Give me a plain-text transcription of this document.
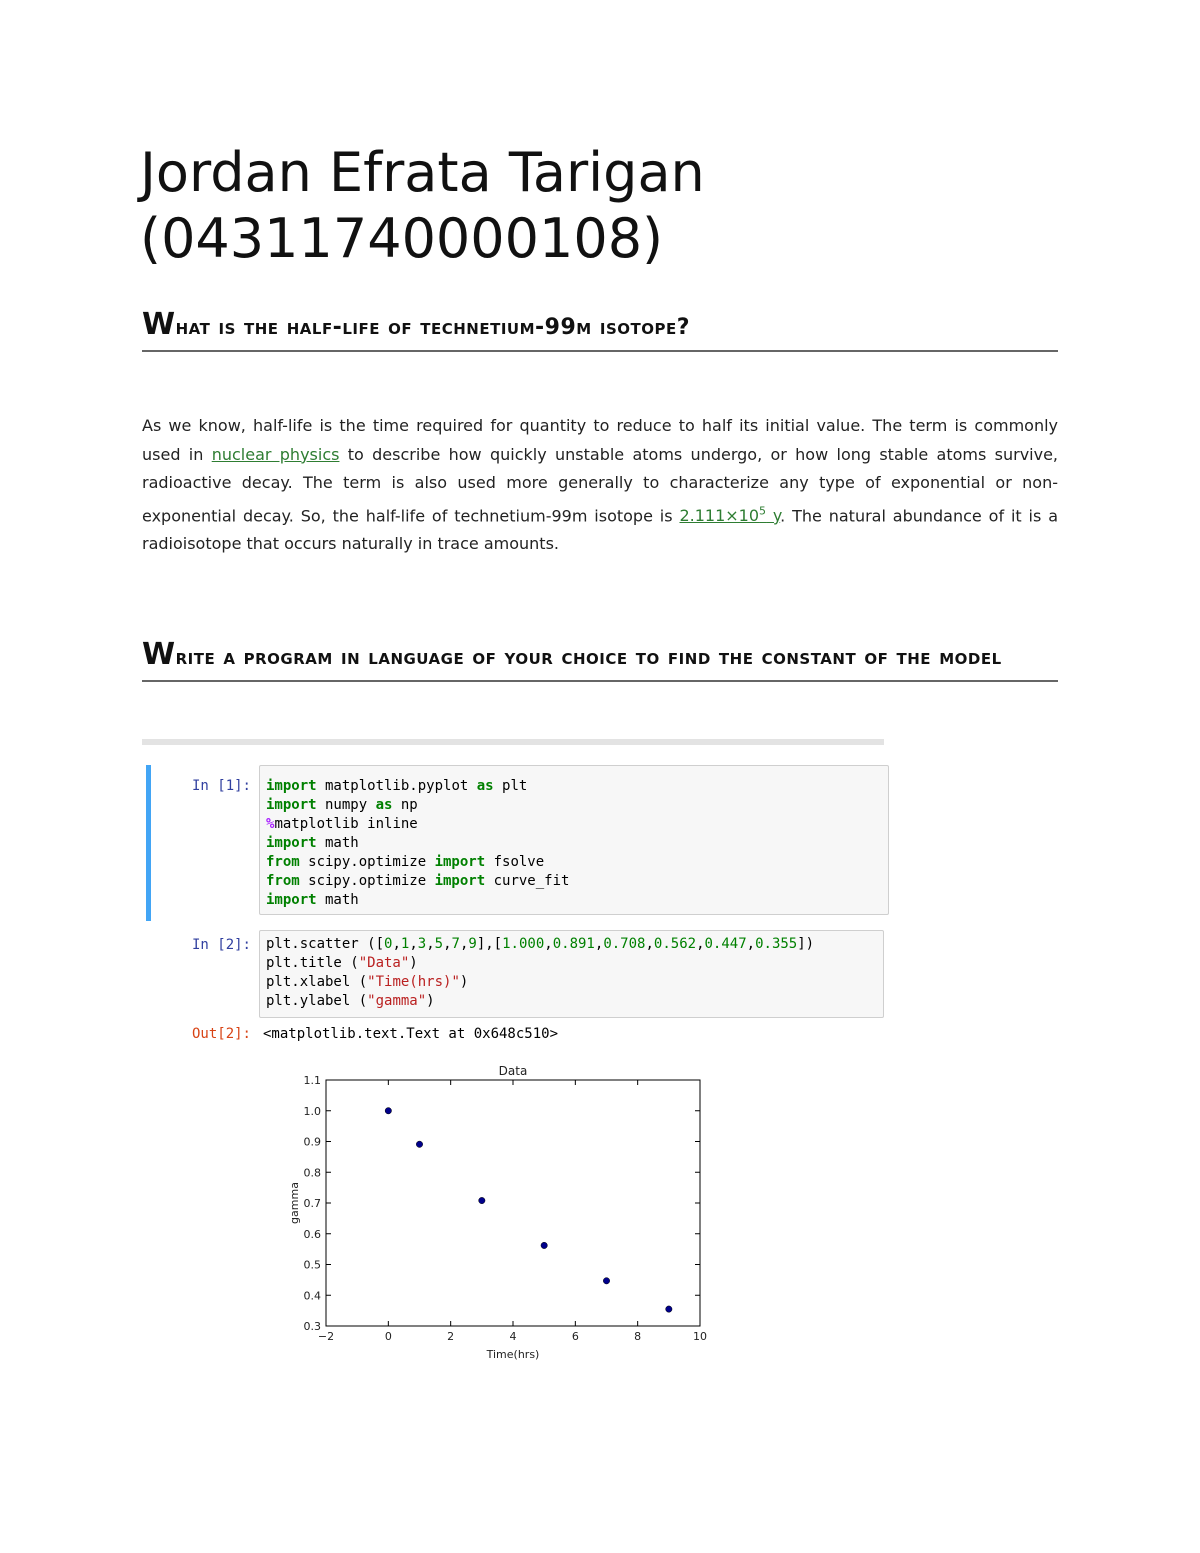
Jordan Efrata Tarigan
(04311740000108)
What is the half-life of technetium-99m isotope?
As we know, half-life is the time required for quantity to reduce to half its initial value. The term is commonly used in nuclear physics to describe how quickly unstable atoms undergo, or how long stable atoms survive, radioactive decay. The term is also used more generally to characterize any type of exponential or non-exponential decay. So, the half-life of technetium-99m isotope is $2.111\times 10^5$ y. The natural abundance of it is a radioisotope that occurs naturally in trace amounts.
Write a program in language of your choice to find the constant of the model
In [1]: import matplotlib.pyplot as plt
import numpy as np
%matplotlib inline
import math
from scipy.optimize import fsolve
from scipy.optimize import curve_fit
import math
In [2]: plt.scatter ([0,1,3,5,7,9],[1.000,0.891,0.708,0.562,0.447,0.355])
plt.title ("Data")
plt.xlabel ("Time(hrs)")
plt.ylabel ("gamma")
Out[2]: <matplotlib.text.Text at 0x648c510>
−2	0	2	4	6	8	10
0.3
0.4
0.5
0.6
0.7
0.8
0.9
1.0
1.1
Data
Time(hrs)
gamma
